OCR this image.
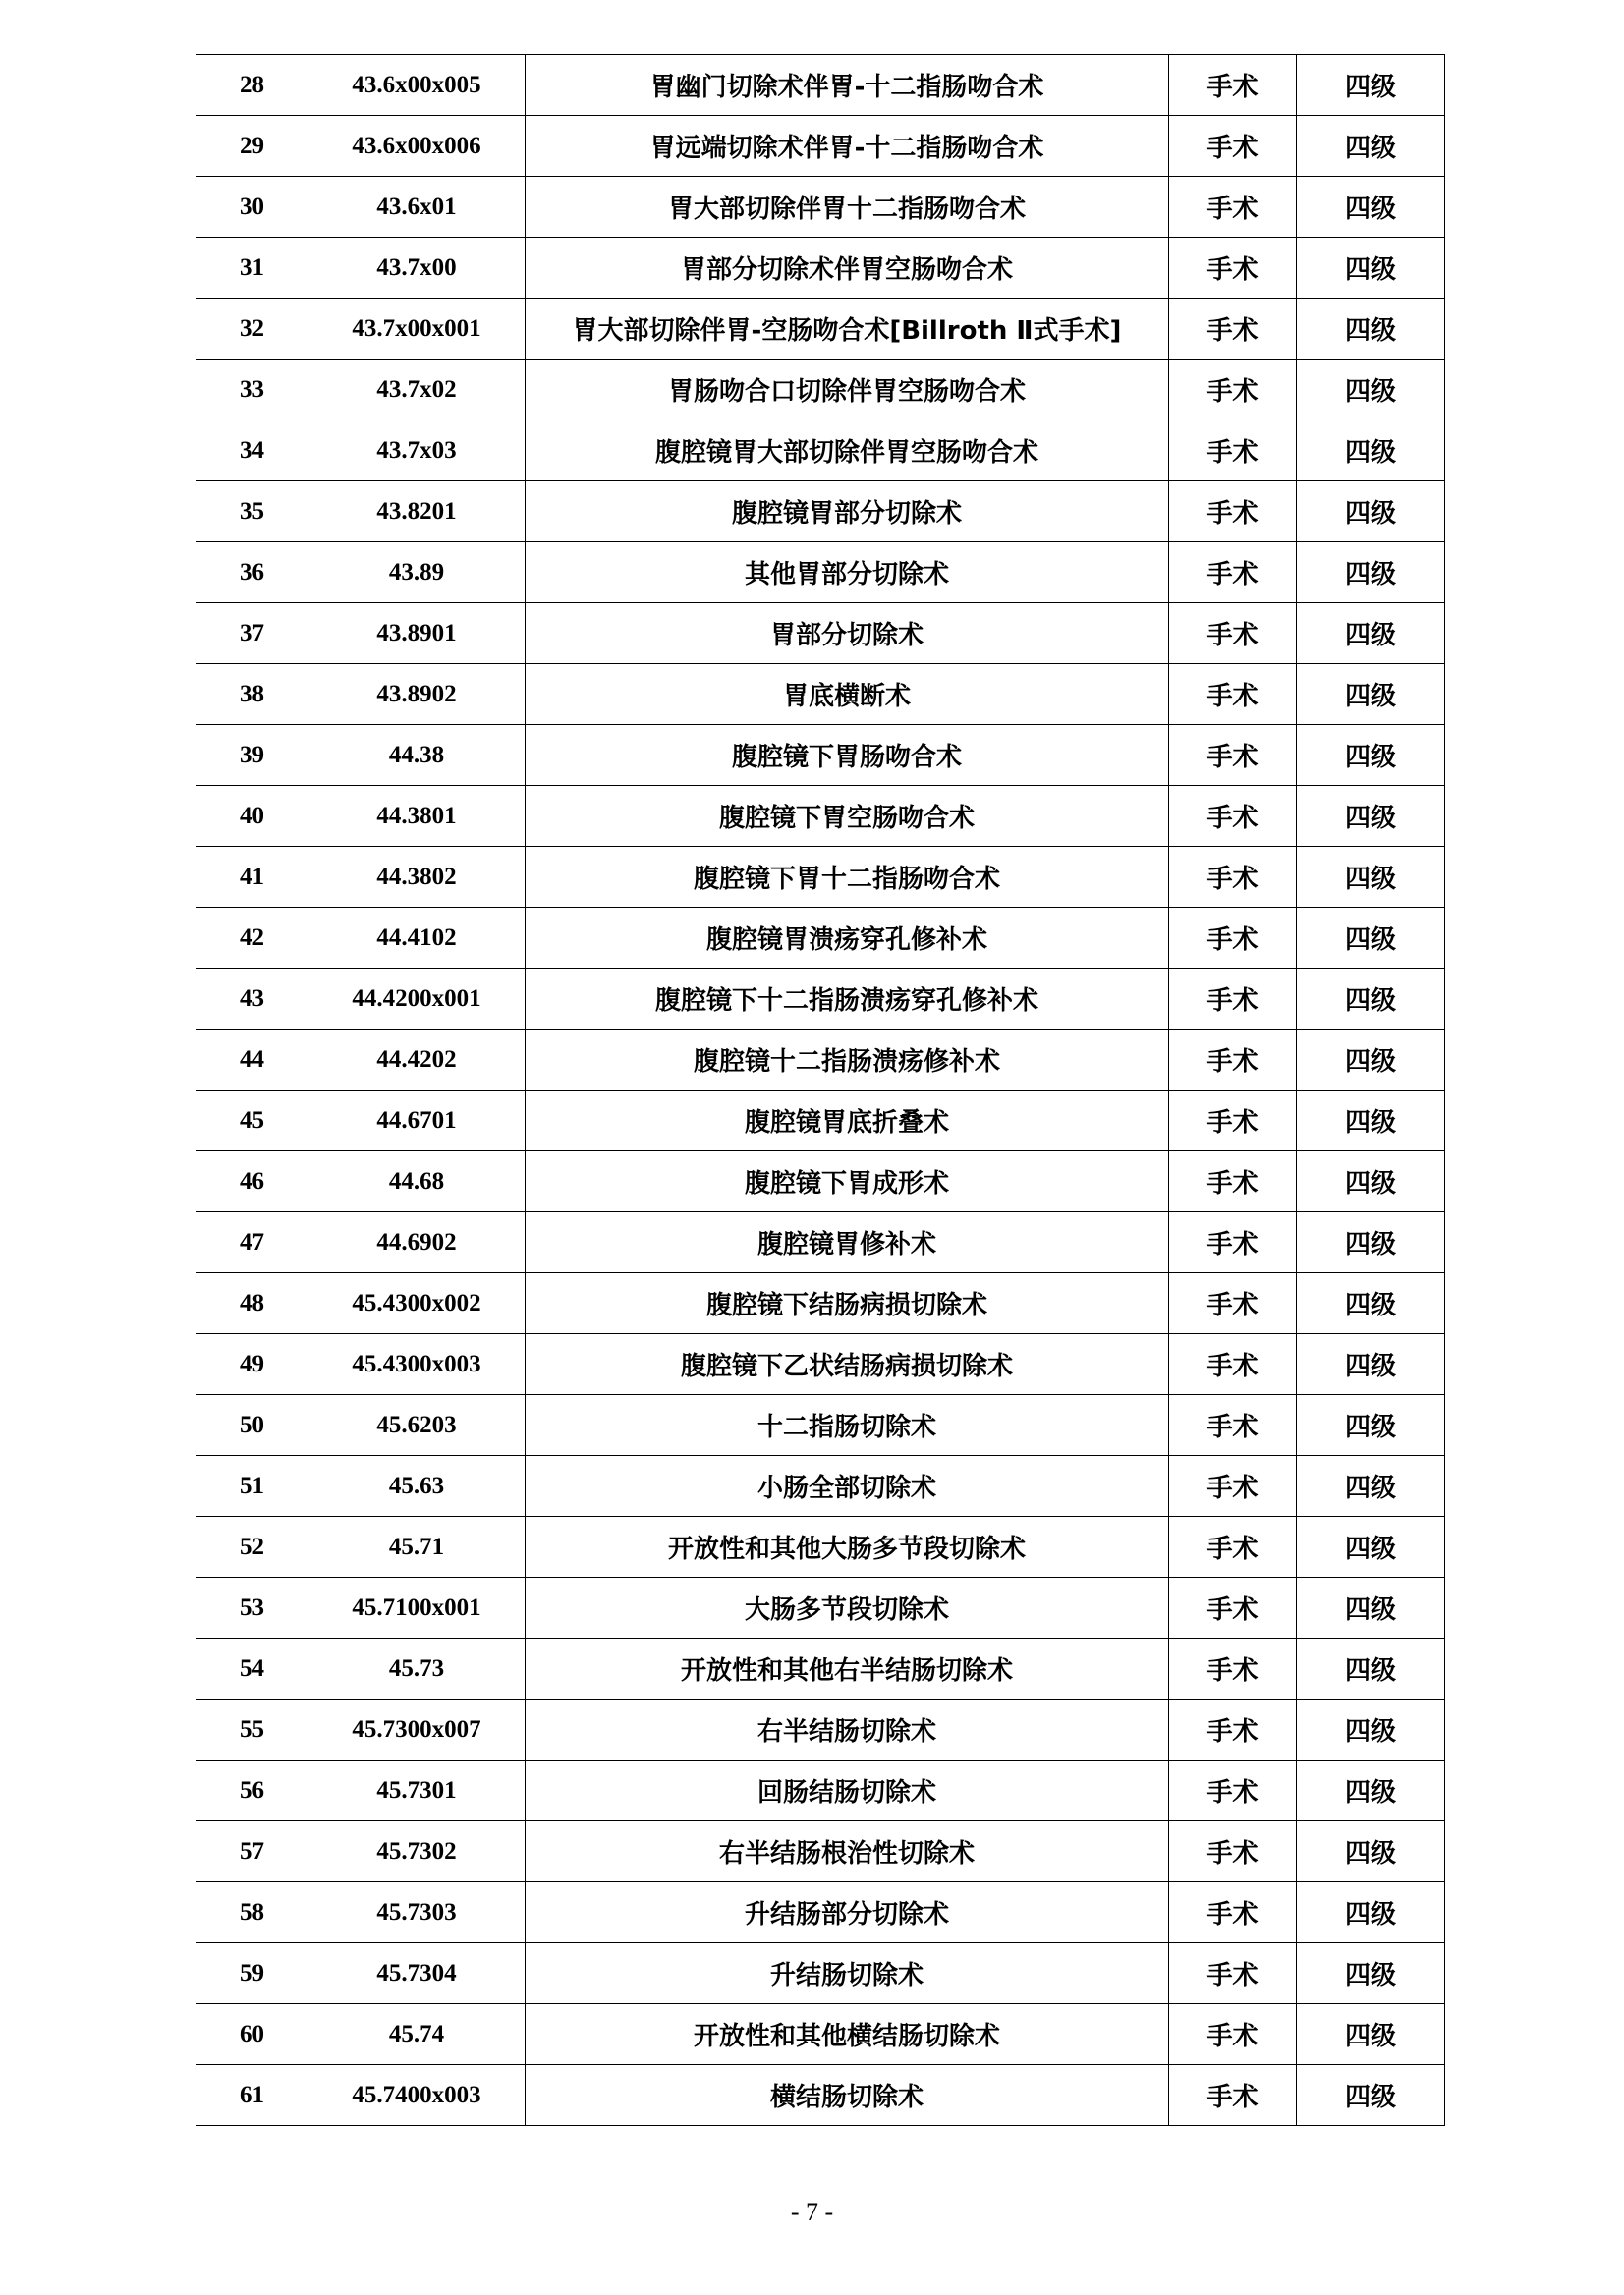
28	43.6x00x005	胃幽门切除术伴胃-十二指肠吻合术	手术	四级
29	43.6x00x006	胃远端切除术伴胃-十二指肠吻合术	手术	四级
30	43.6x01	胃大部切除伴胃十二指肠吻合术	手术	四级
31	43.7x00	胃部分切除术伴胃空肠吻合术	手术	四级
32	43.7x00x001	胃大部切除伴胃-空肠吻合术[Billroth Ⅱ式手术]	手术	四级
33	43.7x02	胃肠吻合口切除伴胃空肠吻合术	手术	四级
34	43.7x03	腹腔镜胃大部切除伴胃空肠吻合术	手术	四级
35	43.8201	腹腔镜胃部分切除术	手术	四级
36	43.89	其他胃部分切除术	手术	四级
37	43.8901	胃部分切除术	手术	四级
38	43.8902	胃底横断术	手术	四级
39	44.38	腹腔镜下胃肠吻合术	手术	四级
40	44.3801	腹腔镜下胃空肠吻合术	手术	四级
41	44.3802	腹腔镜下胃十二指肠吻合术	手术	四级
42	44.4102	腹腔镜胃溃疡穿孔修补术	手术	四级
43	44.4200x001	腹腔镜下十二指肠溃疡穿孔修补术	手术	四级
44	44.4202	腹腔镜十二指肠溃疡修补术	手术	四级
45	44.6701	腹腔镜胃底折叠术	手术	四级
46	44.68	腹腔镜下胃成形术	手术	四级
47	44.6902	腹腔镜胃修补术	手术	四级
48	45.4300x002	腹腔镜下结肠病损切除术	手术	四级
49	45.4300x003	腹腔镜下乙状结肠病损切除术	手术	四级
50	45.6203	十二指肠切除术	手术	四级
51	45.63	小肠全部切除术	手术	四级
52	45.71	开放性和其他大肠多节段切除术	手术	四级
53	45.7100x001	大肠多节段切除术	手术	四级
54	45.73	开放性和其他右半结肠切除术	手术	四级
55	45.7300x007	右半结肠切除术	手术	四级
56	45.7301	回肠结肠切除术	手术	四级
57	45.7302	右半结肠根治性切除术	手术	四级
58	45.7303	升结肠部分切除术	手术	四级
59	45.7304	升结肠切除术	手术	四级
60	45.74	开放性和其他横结肠切除术	手术	四级
61	45.7400x003	横结肠切除术	手术	四级
- 7 -
